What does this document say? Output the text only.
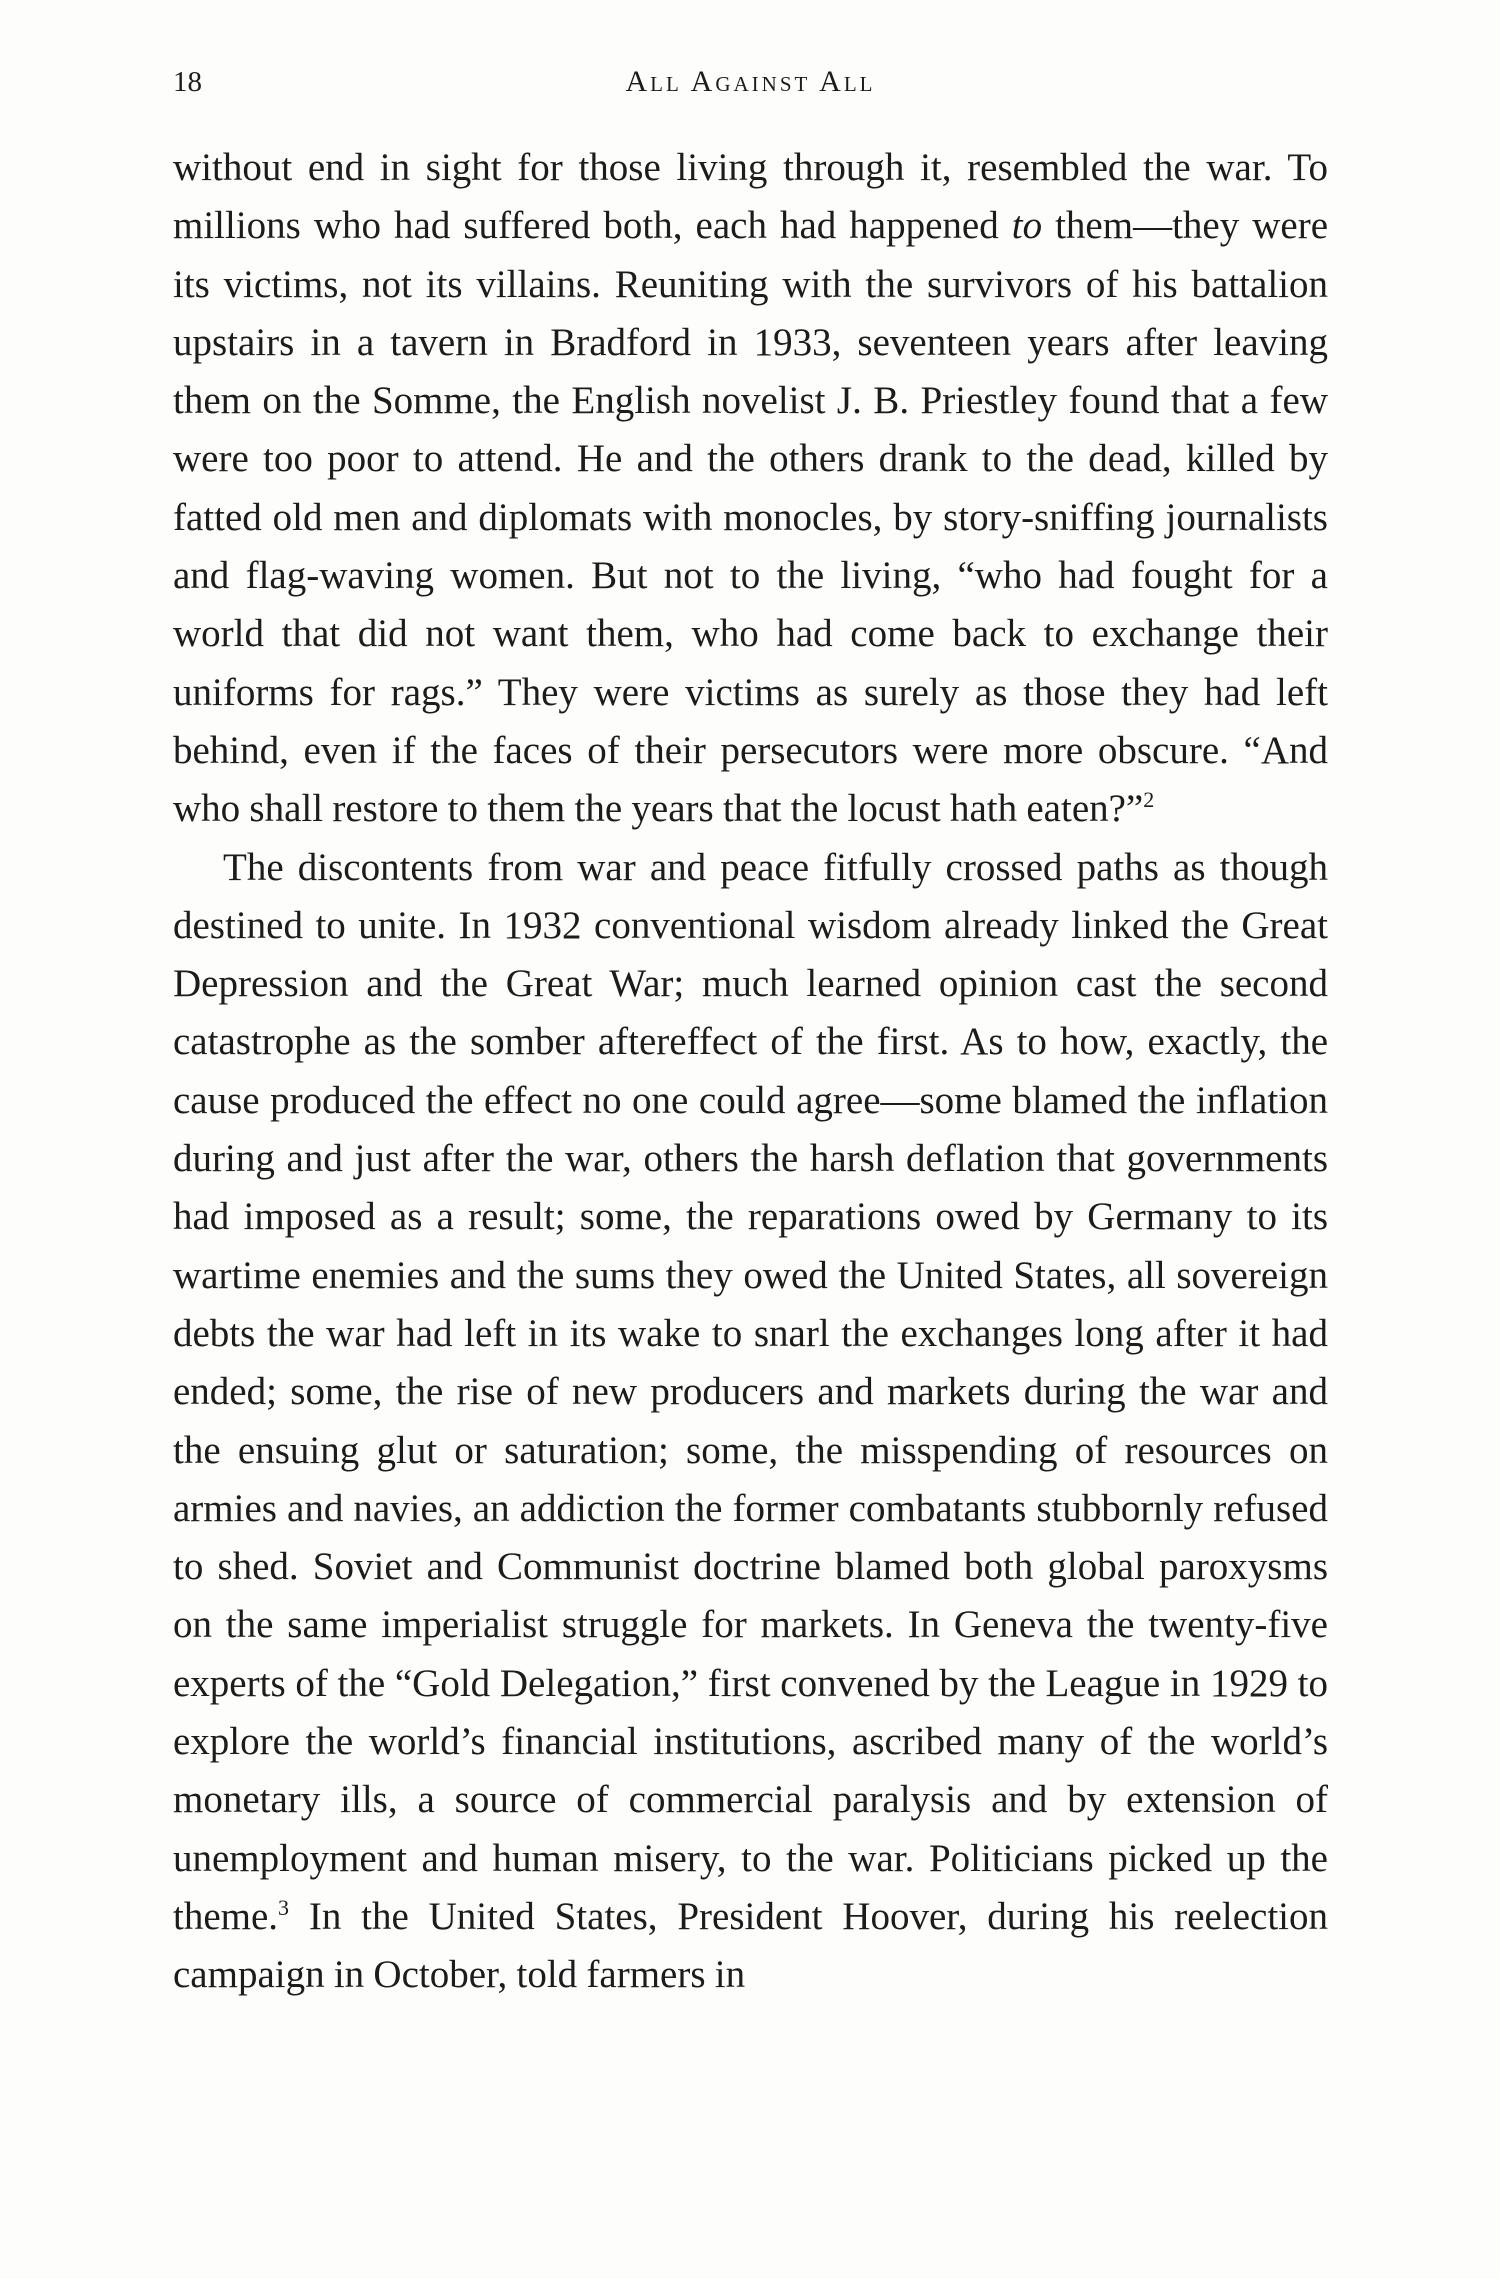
18	All Against All

without end in sight for those living through it, resembled the war. To millions who had suffered both, each had happened to them—they were its victims, not its villains. Reuniting with the survivors of his battalion upstairs in a tavern in Bradford in 1933, seventeen years after leaving them on the Somme, the English novelist J. B. Priestley found that a few were too poor to attend. He and the others drank to the dead, killed by fatted old men and diplomats with monocles, by story-sniffing journalists and flag-waving women. But not to the living, “who had fought for a world that did not want them, who had come back to exchange their uniforms for rags.” They were victims as surely as those they had left behind, even if the faces of their persecutors were more obscure. “And who shall restore to them the years that the locust hath eaten?”$^2$

The discontents from war and peace fitfully crossed paths as though destined to unite. In 1932 conventional wisdom already linked the Great Depression and the Great War; much learned opinion cast the second catastrophe as the somber aftereffect of the first. As to how, exactly, the cause produced the effect no one could agree—some blamed the inflation during and just after the war, others the harsh deflation that governments had imposed as a result; some, the reparations owed by Germany to its wartime enemies and the sums they owed the United States, all sovereign debts the war had left in its wake to snarl the exchanges long after it had ended; some, the rise of new producers and markets during the war and the ensuing glut or saturation; some, the misspending of resources on armies and navies, an addiction the former combatants stubbornly refused to shed. Soviet and Communist doctrine blamed both global paroxysms on the same imperialist struggle for markets. In Geneva the twenty-five experts of the “Gold Delegation,” first convened by the League in 1929 to explore the world’s financial institutions, ascribed many of the world’s monetary ills, a source of commercial paralysis and by extension of unemployment and human misery, to the war. Politicians picked up the theme.$^3$ In the United States, President Hoover, during his reelection campaign in October, told farmers in
